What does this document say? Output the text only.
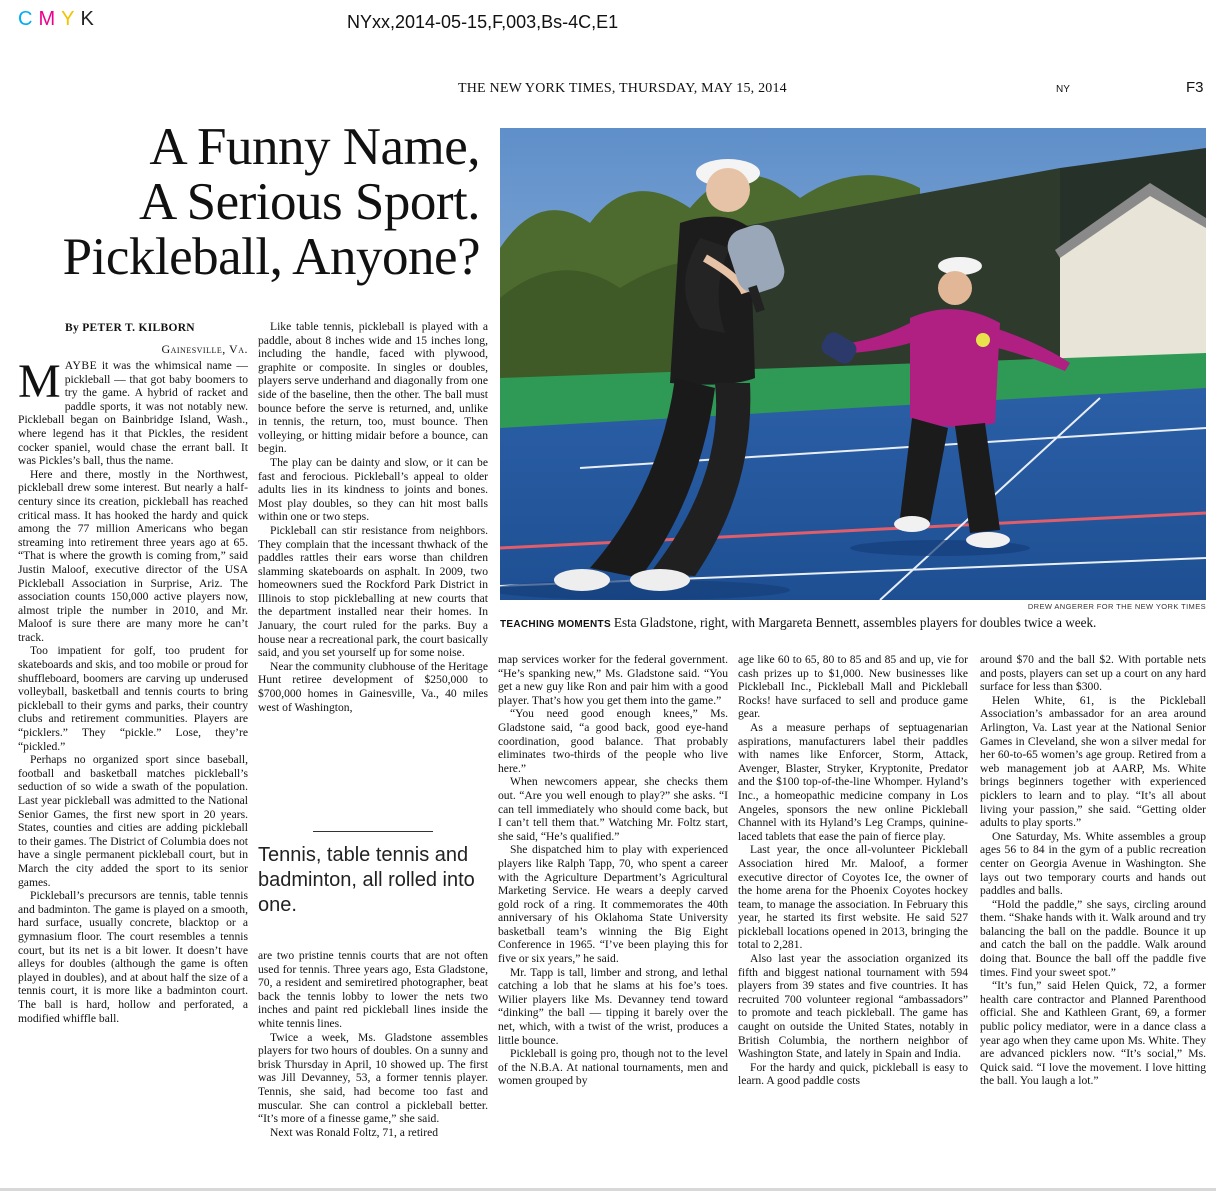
CMYK	NYxx,2014-05-15,F,003,Bs-4C,E1
THE NEW YORK TIMES, THURSDAY, MAY 15, 2014	NY	F3
A Funny Name,
A Serious Sport.
Pickleball, Anyone?
By PETER T. KILBORN
Gainesville, Va.

MAYBE it was the whimsical name — pickleball — that got baby boomers to try the game. A hybrid of racket and paddle sports, it was not notably new. Pickleball began on Bainbridge Island, Wash., where legend has it that Pickles, the resident cocker spaniel, would chase the errant ball. It was Pickles’s ball, thus the name.

Here and there, mostly in the Northwest, pickleball drew some interest. But nearly a half-century since its creation, pickleball has reached critical mass. It has hooked the hardy and quick among the 77 million Americans who began streaming into retirement three years ago at 65. “That is where the growth is coming from,” said Justin Maloof, executive director of the USA Pickleball Association in Surprise, Ariz. The association counts 150,000 active players now, almost triple the number in 2010, and Mr. Maloof is sure there are many more he can’t track.

Too impatient for golf, too prudent for skateboards and skis, and too mobile or proud for shuffleboard, boomers are carving up underused volleyball, basketball and tennis courts to bring pickleball to their gyms and parks, their country clubs and retirement communities. Players are “picklers.” They “pickle.” Lose, they’re “pickled.”

Perhaps no organized sport since baseball, football and basketball matches pickleball’s seduction of so wide a swath of the population. Last year pickleball was admitted to the National Senior Games, the first new sport in 20 years. States, counties and cities are adding pickleball to their games. The District of Columbia does not have a single permanent pickleball court, but in March the city added the sport to its senior games.

Pickleball’s precursors are tennis, table tennis and badminton. The game is played on a smooth, hard surface, usually concrete, blacktop or a gymnasium floor. The court resembles a tennis court, but its net is a bit lower. It doesn’t have alleys for doubles (although the game is often played in doubles), and at about half the size of a tennis court, it is more like a badminton court. The ball is hard, hollow and perforated, a modified whiffle ball.

Like table tennis, pickleball is played with a paddle, about 8 inches wide and 15 inches long, including the handle, faced with plywood, graphite or composite. In singles or doubles, players serve underhand and diagonally from one side of the baseline, then the other. The ball must bounce before the serve is returned, and, unlike in tennis, the return, too, must bounce. Then volleying, or hitting midair before a bounce, can begin.

The play can be dainty and slow, or it can be fast and ferocious. Pickleball’s appeal to older adults lies in its kindness to joints and bones. Most play doubles, so they can hit most balls within one or two steps.

Pickleball can stir resistance from neighbors. They complain that the incessant thwhack of the paddles rattles their ears worse than children slamming skateboards on asphalt. In 2009, two homeowners sued the Rockford Park District in Illinois to stop pickleballing at new courts that the department installed near their homes. In January, the court ruled for the parks. Buy a house near a recreational park, the court basically said, and you set yourself up for some noise.

Near the community clubhouse of the Heritage Hunt retiree development of $250,000 to $700,000 homes in Gainesville, Va., 40 miles west of Washington,

Tennis, table tennis and badminton, all rolled into one.

are two pristine tennis courts that are not often used for tennis. Three years ago, Esta Gladstone, 70, a resident and semiretired photographer, beat back the tennis lobby to lower the nets two inches and paint red pickleball lines inside the white tennis lines.

Twice a week, Ms. Gladstone assembles players for two hours of doubles. On a sunny and brisk Thursday in April, 10 showed up. The first was Jill Devanney, 53, a former tennis player. Tennis, she said, had become too fast and muscular. She can control a pickleball better. “It’s more of a finesse game,” she said.

Next was Ronald Foltz, 71, a retired

DREW ANGERER FOR THE NEW YORK TIMES
TEACHING MOMENTS Esta Gladstone, right, with Margareta Bennett, assembles players for doubles twice a week.

map services worker for the federal government. “He’s spanking new,” Ms. Gladstone said. “You get a new guy like Ron and pair him with a good player. That’s how you get them into the game.”

“You need good enough knees,” Ms. Gladstone said, “a good back, good eye-hand coordination, good balance. That probably eliminates two-thirds of the people who live here.”

When newcomers appear, she checks them out. “Are you well enough to play?” she asks. “I can tell immediately who should come back, but I can’t tell them that.” Watching Mr. Foltz start, she said, “He’s qualified.”

She dispatched him to play with experienced players like Ralph Tapp, 70, who spent a career with the Agriculture Department’s Agricultural Marketing Service. He wears a deeply carved gold rock of a ring. It commemorates the 40th anniversary of his Oklahoma State University basketball team’s winning the Big Eight Conference in 1965. “I’ve been playing this for five or six years,” he said.

Mr. Tapp is tall, limber and strong, and lethal catching a lob that he slams at his foe’s toes. Wilier players like Ms. Devanney tend toward “dinking” the ball — tipping it barely over the net, which, with a twist of the wrist, produces a little bounce.

Pickleball is going pro, though not to the level of the N.B.A. At national tournaments, men and women grouped by

age like 60 to 65, 80 to 85 and 85 and up, vie for cash prizes up to $1,000. New businesses like Pickleball Inc., Pickleball Mall and Pickleball Rocks! have surfaced to sell and produce game gear.

As a measure perhaps of septuagenarian aspirations, manufacturers label their paddles with names like Enforcer, Storm, Attack, Avenger, Blaster, Stryker, Kryptonite, Predator and the $100 top-of-the-line Whomper. Hyland’s Inc., a homeopathic medicine company in Los Angeles, sponsors the new online Pickleball Channel with its Hyland’s Leg Cramps, quinine-laced tablets that ease the pain of fierce play.

Last year, the once all-volunteer Pickleball Association hired Mr. Maloof, a former executive director of Coyotes Ice, the owner of the home arena for the Phoenix Coyotes hockey team, to manage the association. In February this year, he started its first website. He said 527 pickleball locations opened in 2013, bringing the total to 2,281.

Also last year the association organized its fifth and biggest national tournament with 594 players from 39 states and five countries. It has recruited 700 volunteer regional “ambassadors” to promote and teach pickleball. The game has caught on outside the United States, notably in British Columbia, the northern neighbor of Washington State, and lately in Spain and India.

For the hardy and quick, pickleball is easy to learn. A good paddle costs

around $70 and the ball $2. With portable nets and posts, players can set up a court on any hard surface for less than $300.

Helen White, 61, is the Pickleball Association’s ambassador for an area around Arlington, Va. Last year at the National Senior Games in Cleveland, she won a silver medal for her 60-to-65 women’s age group. Retired from a web management job at AARP, Ms. White brings beginners together with experienced picklers to learn and to play. “It’s all about living your passion,” she said. “Getting older adults to play sports.”

One Saturday, Ms. White assembles a group ages 56 to 84 in the gym of a public recreation center on Georgia Avenue in Washington. She lays out two temporary courts and hands out paddles and balls.

“Hold the paddle,” she says, circling around them. “Shake hands with it. Walk around and try balancing the ball on the paddle. Bounce it up and catch the ball on the paddle. Walk around doing that. Bounce the ball off the paddle five times. Find your sweet spot.”

“It’s fun,” said Helen Quick, 72, a former health care contractor and Planned Parenthood official. She and Kathleen Grant, 69, a former public policy mediator, were in a dance class a year ago when they came upon Ms. White. They are advanced picklers now. “It’s social,” Ms. Quick said. “I love the movement. I love hitting the ball. You laugh a lot.”
